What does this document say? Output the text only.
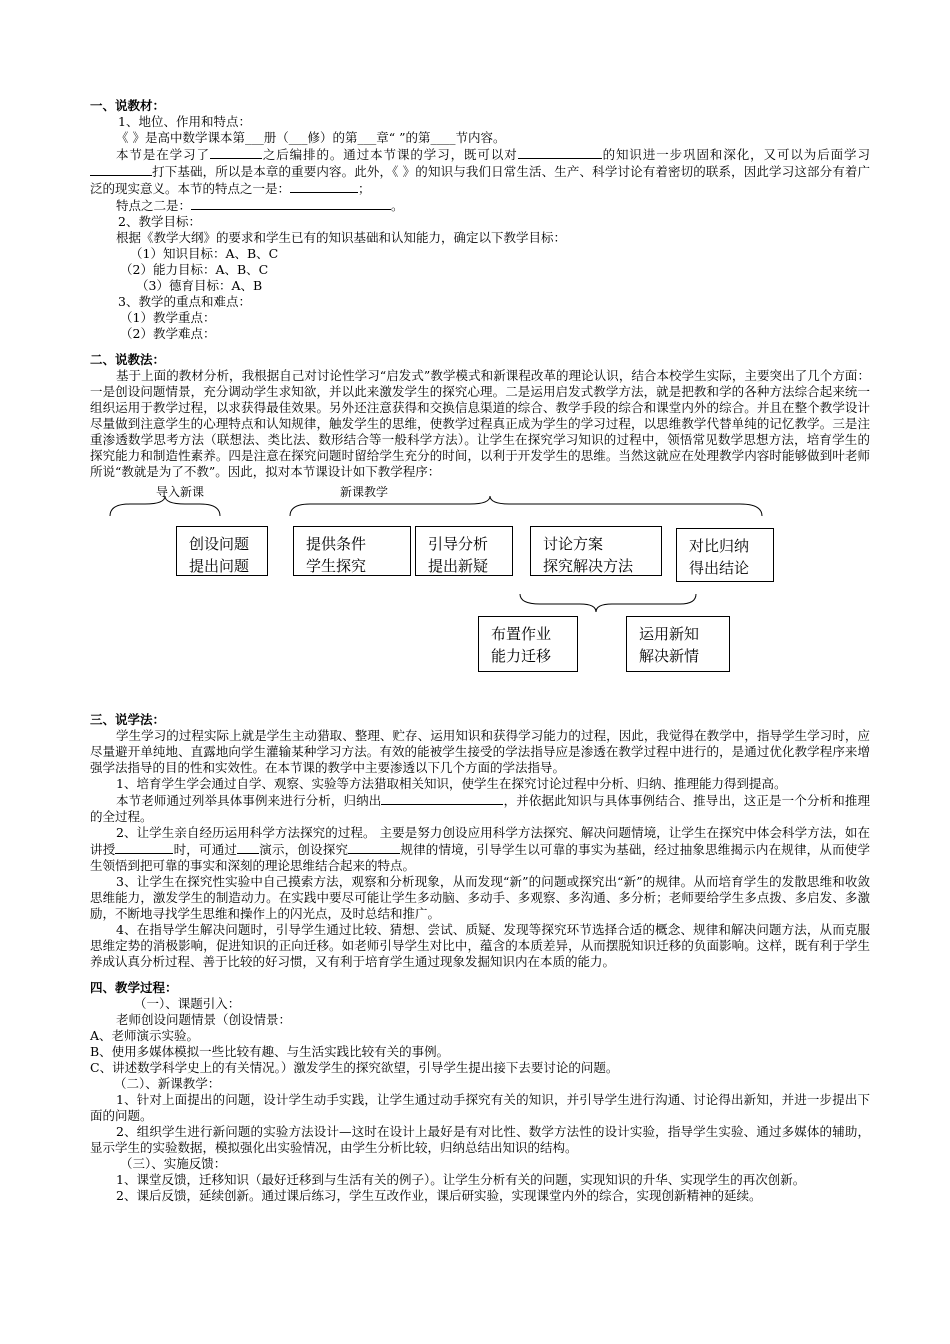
一、说教材：

1、地位、作用和特点：

《 》是高中数学课本第___册（___修）的第___章“ ”的第____节内容。

本节是在学习了	之后编排的。通过本节课的学习，既可以对	的知识进一步巩固和深化，又可以为后面学习打下基础，所以是本章的重要内容。此外，《 》的知识与我们日常生活、生产、科学讨论有着密切的联系，因此学习这部分有着广泛的现实意义。本节的特点之一是：	；

特点之二是：	。

2、教学目标：

根据《教学大纲》的要求和学生已有的知识基础和认知能力，确定以下教学目标：

（1）知识目标：A、B、C

（2）能力目标：A、B、C

（3）德育目标：A、B

3、教学的重点和难点：

（1）教学重点：

（2）教学难点：

二、说教法：

基于上面的教材分析，我根据自己对讨论性学习“启发式”教学模式和新课程改革的理论认识，结合本校学生实际，主要突出了几个方面：一是创设问题情景，充分调动学生求知欲，并以此来激发学生的探究心理。二是运用启发式教学方法，就是把教和学的各种方法综合起来统一组织运用于教学过程，以求获得最佳效果。另外还注意获得和交换信息渠道的综合、教学手段的综合和课堂内外的综合。并且在整个教学设计尽量做到注意学生的心理特点和认知规律，触发学生的思维，使教学过程真正成为学生的学习过程，以思维教学代替单纯的记忆教学。三是注重渗透数学思考方法（联想法、类比法、数形结合等一般科学方法）。让学生在探究学习知识的过程中，领悟常见数学思想方法，培育学生的探究能力和制造性素养。四是注意在探究问题时留给学生充分的时间，以利于开发学生的思维。当然这就应在处理教学内容时能够做到叶老师所说“教就是为了不教”。因此，拟对本节课设计如下教学程序：

导入新课	新课教学
创设问题
提出问题
提供条件
学生探究
引导分析
提出新疑
讨论方案
探究解决方法
对比归纳
得出结论
布置作业
能力迁移
运用新知
解决新情

三、说学法：

学生学习的过程实际上就是学生主动猎取、整理、贮存、运用知识和获得学习能力的过程，因此，我觉得在教学中，指导学生学习时，应尽量避开单纯地、直露地向学生灌输某种学习方法。有效的能被学生接受的学法指导应是渗透在教学过程中进行的，是通过优化教学程序来增强学法指导的目的性和实效性。在本节课的教学中主要渗透以下几个方面的学法指导。

1、培育学生学会通过自学、观察、实验等方法猎取相关知识，使学生在探究讨论过程中分析、归纳、推理能力得到提高。

本节老师通过列举具体事例来进行分析，归纳出	，并依据此知识与具体事例结合、推导出，这正是一个分析和推理的全过程。

2、让学生亲自经历运用科学方法探究的过程。 主要是努力创设应用科学方法探究、解决问题情境，让学生在探究中体会科学方法，如在讲授	时，可通过 演示，创设探究	规律的情境，引导学生以可靠的事实为基础，经过抽象思维揭示内在规律，从而使学生领悟到把可靠的事实和深刻的理论思维结合起来的特点。

3、让学生在探究性实验中自己摸索方法，观察和分析现象，从而发现“新”的问题或探究出“新”的规律。从而培育学生的发散思维和收敛思维能力，激发学生的制造动力。在实践中要尽可能让学生多动脑、多动手、多观察、多沟通、多分析；老师要给学生多点拨、多启发、多激励，不断地寻找学生思维和操作上的闪光点，及时总结和推广。

4、在指导学生解决问题时，引导学生通过比较、猜想、尝试、质疑、发现等探究环节选择合适的概念、规律和解决问题方法，从而克服思维定势的消极影响，促进知识的正向迁移。如老师引导学生对比中，蕴含的本质差异，从而摆脱知识迁移的负面影响。这样，既有利于学生养成认真分析过程、善于比较的好习惯，又有利于培育学生通过现象发掘知识内在本质的能力。

四、教学过程：

（一）、课题引入：

老师创设问题情景（创设情景：

A、老师演示实验。

B、使用多媒体模拟一些比较有趣、与生活实践比较有关的事例。

C、讲述数学科学史上的有关情况。）激发学生的探究欲望，引导学生提出接下去要讨论的问题。

（二）、新课教学：

1、针对上面提出的问题，设计学生动手实践，让学生通过动手探究有关的知识，并引导学生进行沟通、讨论得出新知，并进一步提出下面的问题。

2、组织学生进行新问题的实验方法设计—这时在设计上最好是有对比性、数学方法性的设计实验，指导学生实验、通过多媒体的辅助，显示学生的实验数据，模拟强化出实验情况，由学生分析比较，归纳总结出知识的结构。

（三）、实施反馈：

1、课堂反馈，迁移知识（最好迁移到与生活有关的例子）。让学生分析有关的问题，实现知识的升华、实现学生的再次创新。

2、课后反馈，延续创新。通过课后练习，学生互改作业，课后研实验，实现课堂内外的综合，实现创新精神的延续。
